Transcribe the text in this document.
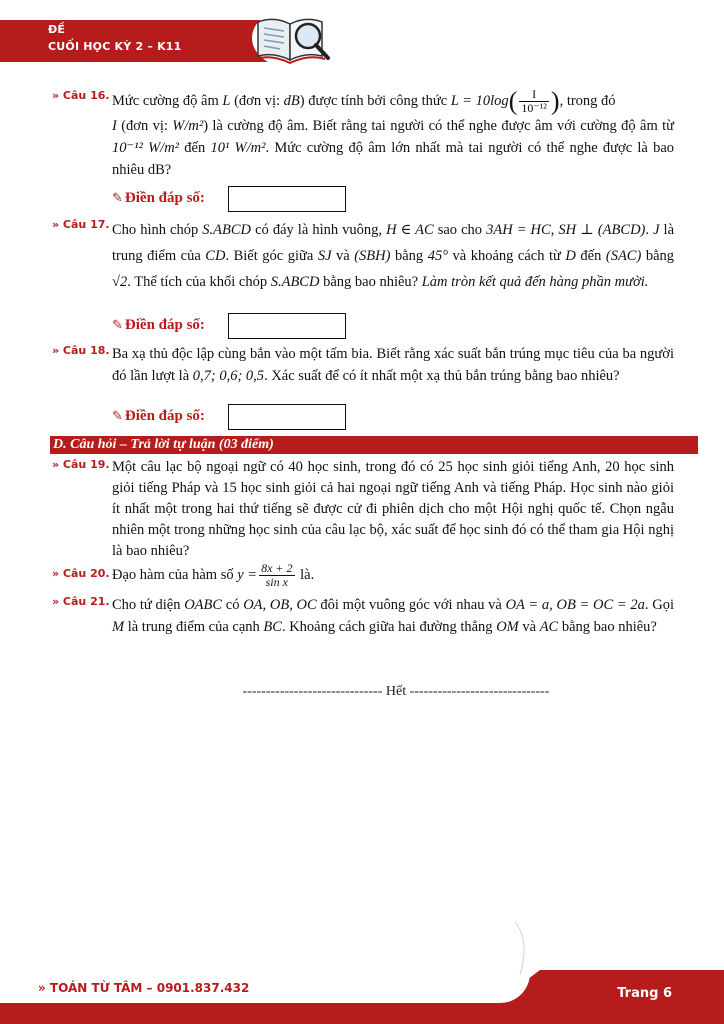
ĐỀ
CUỐI HỌC KỲ 2 – K11
» Câu 16. Mức cường độ âm L (đơn vị: dB) được tính bởi công thức $L = 10\log( \frac{I}{\text{10⁻¹²}}$ ), trong đó
I (đơn vị: W/m²) là cường độ âm. Biết rằng tai người có thể nghe được âm với cường độ âm từ 10⁻¹² W/m² đến 10¹ W/m². Mức cường độ âm lớn nhất mà tai người có thể nghe được là bao nhiêu dB?
✎ Điền đáp số:
» Câu 17. Cho hình chóp S.ABCD có đáy là hình vuông, H ∈ AC sao cho 3AH = HC, SH ⊥ (ABCD). J là trung điểm của CD. Biết góc giữa SJ và (SBH) bằng 45° và khoảng cách từ D đến (SAC) bằng √2. Thể tích của khối chóp S.ABCD bằng bao nhiêu? Làm tròn kết quả đến hàng phần mười.
✎ Điền đáp số:
» Câu 18. Ba xạ thủ độc lập cùng bắn vào một tấm bia. Biết rằng xác suất bắn trúng mục tiêu của ba người đó lần lượt là 0,7; 0,6; 0,5. Xác suất để có ít nhất một xạ thủ bắn trúng bằng bao nhiêu?
✎ Điền đáp số:
D. Câu hỏi – Trả lời tự luận (03 điểm)
» Câu 19. Một câu lạc bộ ngoại ngữ có 40 học sinh, trong đó có 25 học sinh giỏi tiếng Anh, 20 học sinh giỏi tiếng Pháp và 15 học sinh giỏi cả hai ngoại ngữ tiếng Anh và tiếng Pháp. Học sinh nào giỏi ít nhất một trong hai thứ tiếng sẽ được cử đi phiên dịch cho một Hội nghị quốc tế. Chọn ngẫu nhiên một trong những học sinh của câu lạc bộ, xác suất để học sinh đó có thể tham gia Hội nghị là bao nhiêu?
» Câu 20. Đạo hàm của hàm số $y = \frac{8x + 2}{\text{sin x}}$ là.
» Câu 21. Cho tứ diện OABC có OA, OB, OC đôi một vuông góc với nhau và OA = a, OB = OC = 2a. Gọi M là trung điểm của cạnh BC. Khoảng cách giữa hai đường thẳng OM và AC bằng bao nhiêu?
------------------------------ Hết ------------------------------
» TOÁN TỪ TÂM – 0901.837.432	Trang 6
